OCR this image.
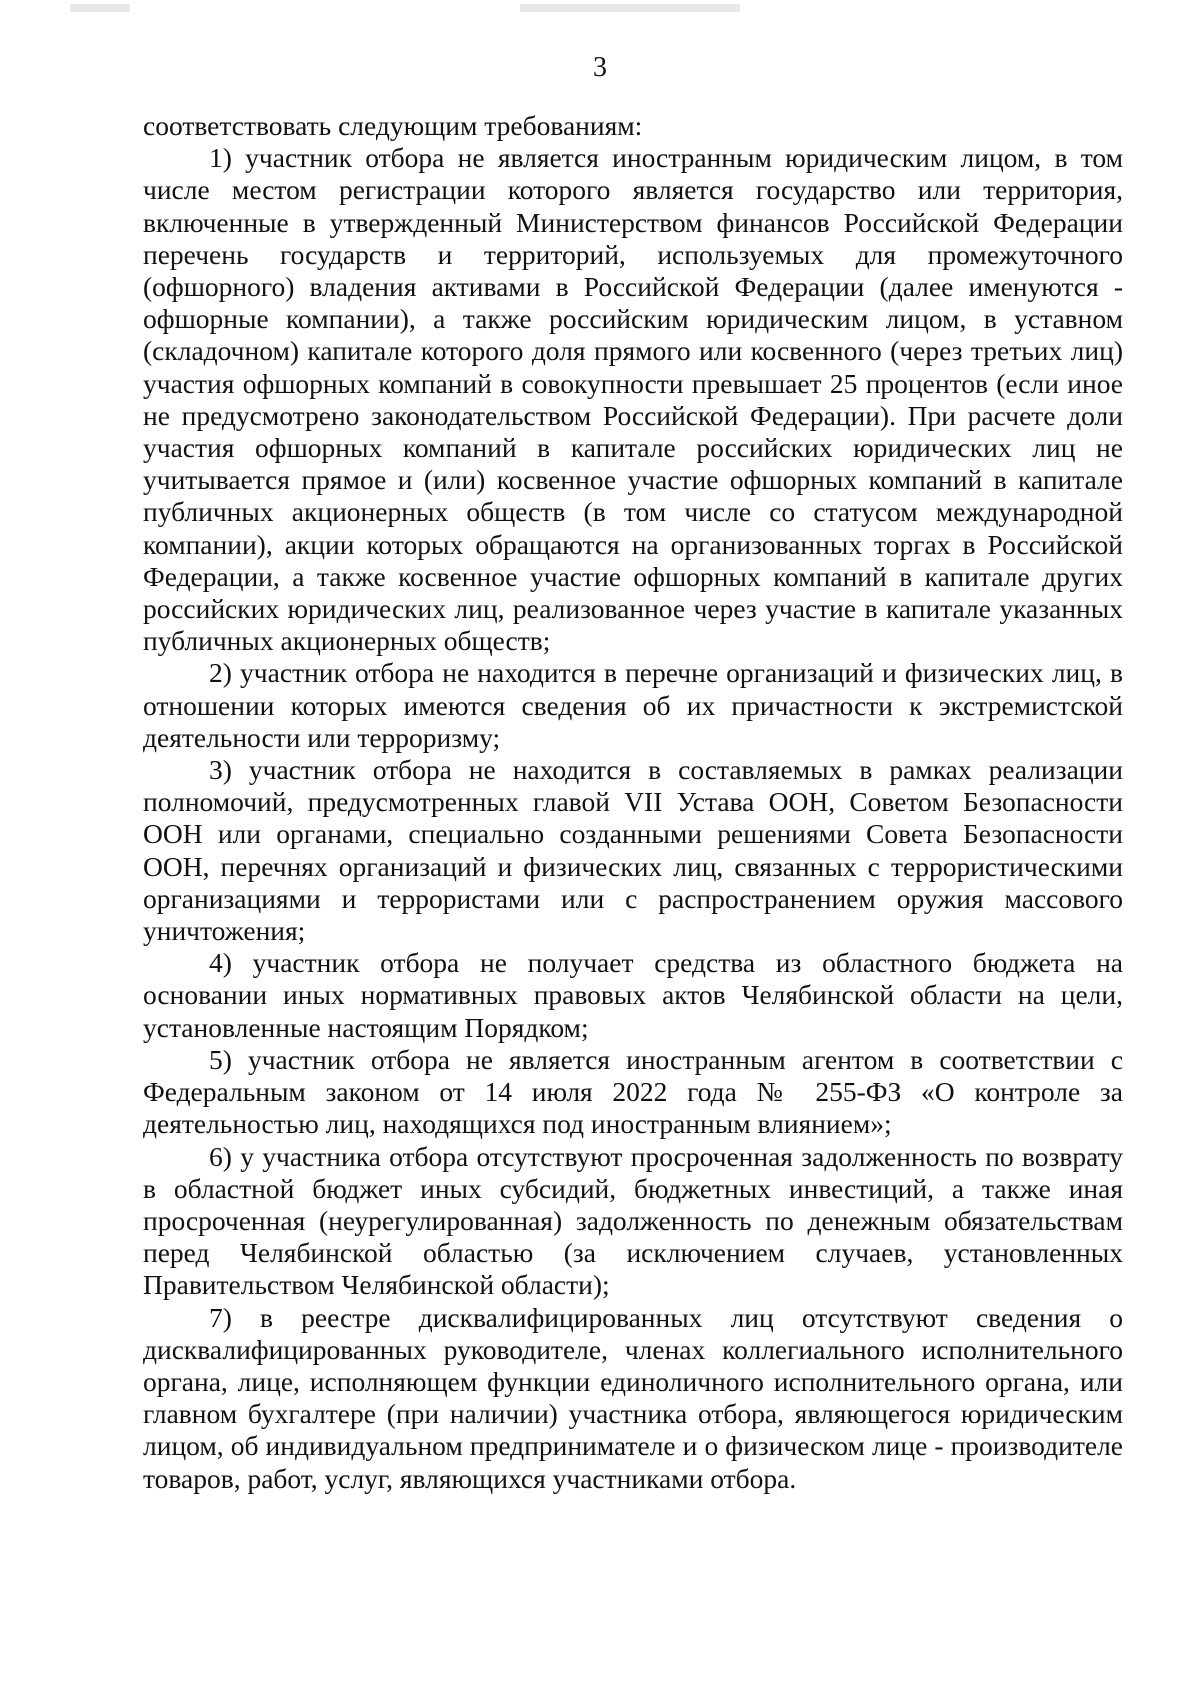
3

соответствовать следующим требованиям:

1) участник отбора не является иностранным юридическим лицом, в том числе местом регистрации которого является государство или территория, включенные в утвержденный Министерством финансов Российской Федерации перечень государств и территорий, используемых для промежуточного (офшорного) владения активами в Российской Федерации (далее именуются - офшорные компании), а также российским юридическим лицом, в уставном (складочном) капитале которого доля прямого или косвенного (через третьих лиц) участия офшорных компаний в совокупности превышает 25 процентов (если иное не предусмотрено законодательством Российской Федерации). При расчете доли участия офшорных компаний в капитале российских юридических лиц не учитывается прямое и (или) косвенное участие офшорных компаний в капитале публичных акционерных обществ (в том числе со статусом международной компании), акции которых обращаются на организованных торгах в Российской Федерации, а также косвенное участие офшорных компаний в капитале других российских юридических лиц, реализованное через участие в капитале указанных публичных акционерных обществ;

2) участник отбора не находится в перечне организаций и физических лиц, в отношении которых имеются сведения об их причастности к экстремистской деятельности или терроризму;

3) участник отбора не находится в составляемых в рамках реализации полномочий, предусмотренных главой VII Устава ООН, Советом Безопасности ООН или органами, специально созданными решениями Совета Безопасности ООН, перечнях организаций и физических лиц, связанных с террористическими организациями и террористами или с распространением оружия массового уничтожения;

4) участник отбора не получает средства из областного бюджета на основании иных нормативных правовых актов Челябинской области на цели, установленные настоящим Порядком;

5) участник отбора не является иностранным агентом в соответствии с Федеральным законом от 14 июля 2022 года № 255-ФЗ «О контроле за деятельностью лиц, находящихся под иностранным влиянием»;

6) у участника отбора отсутствуют просроченная задолженность по возврату в областной бюджет иных субсидий, бюджетных инвестиций, а также иная просроченная (неурегулированная) задолженность по денежным обязательствам перед Челябинской областью (за исключением случаев, установленных Правительством Челябинской области);

7) в реестре дисквалифицированных лиц отсутствуют сведения о дисквалифицированных руководителе, членах коллегиального исполнительного органа, лице, исполняющем функции единоличного исполнительного органа, или главном бухгалтере (при наличии) участника отбора, являющегося юридическим лицом, об индивидуальном предпринимателе и о физическом лице - производителе товаров, работ, услуг, являющихся участниками отбора.
